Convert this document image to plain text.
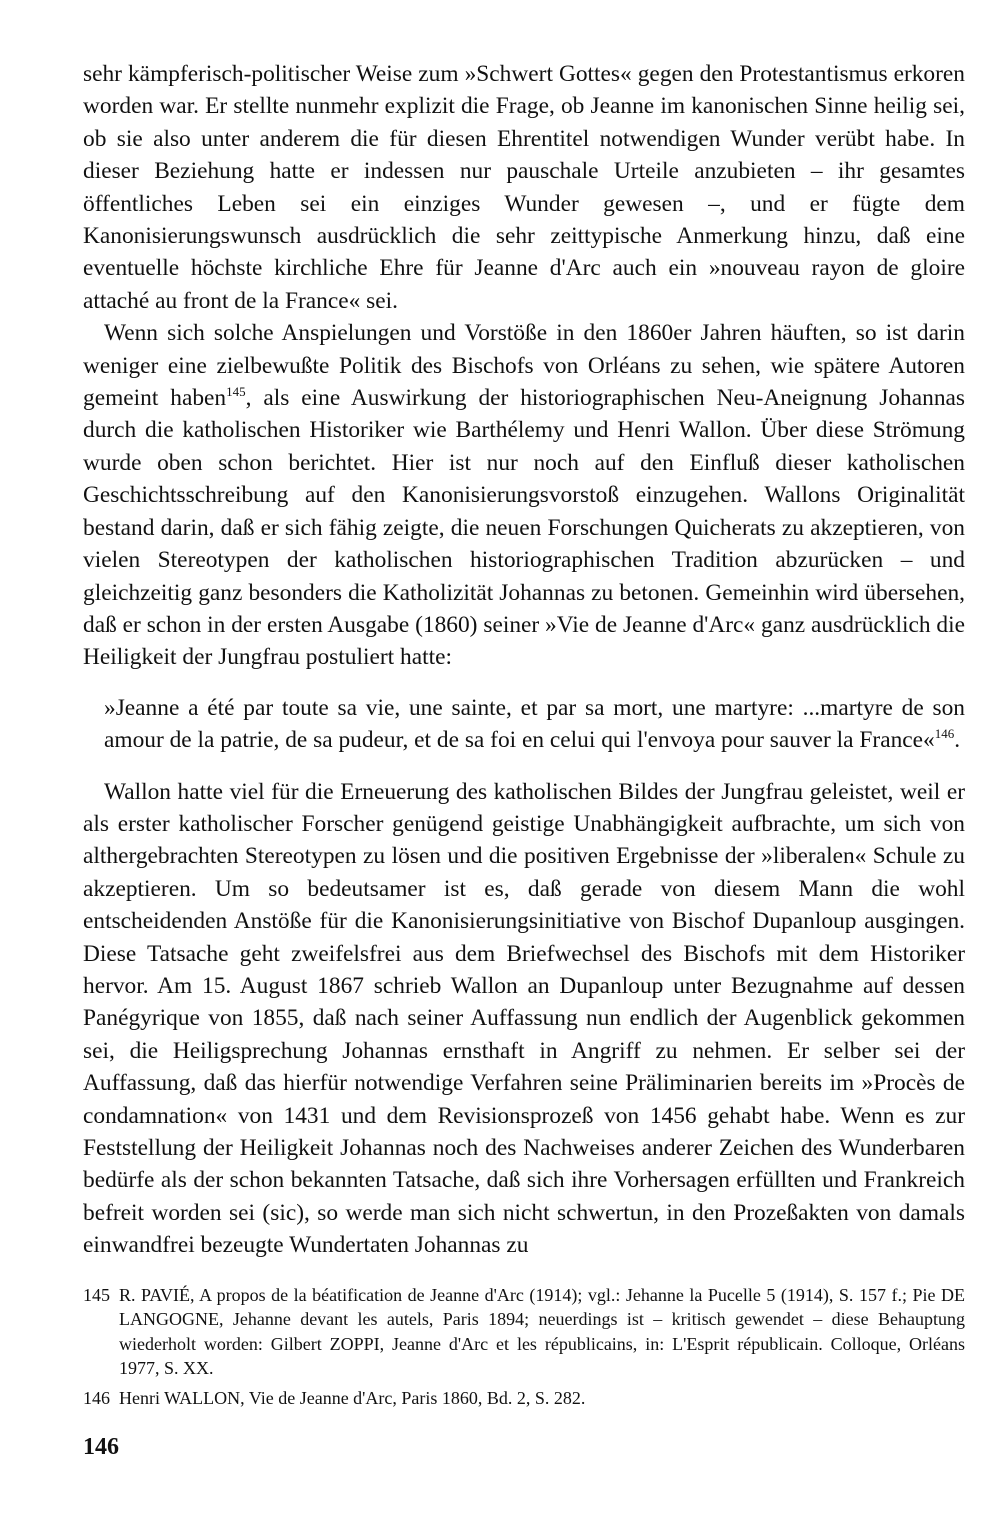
sehr kämpferisch-politischer Weise zum »Schwert Gottes« gegen den Protestantismus erkoren worden war. Er stellte nunmehr explizit die Frage, ob Jeanne im kanonischen Sinne heilig sei, ob sie also unter anderem die für diesen Ehrentitel notwendigen Wunder verübt habe. In dieser Beziehung hatte er indessen nur pauschale Urteile anzubieten – ihr gesamtes öffentliches Leben sei ein einziges Wunder gewesen –, und er fügte dem Kanonisierungswunsch ausdrücklich die sehr zeittypische Anmerkung hinzu, daß eine eventuelle höchste kirchliche Ehre für Jeanne d'Arc auch ein »nouveau rayon de gloire attaché au front de la France« sei.

Wenn sich solche Anspielungen und Vorstöße in den 1860er Jahren häuften, so ist darin weniger eine zielbewußte Politik des Bischofs von Orléans zu sehen, wie spätere Autoren gemeint haben$^{145}$, als eine Auswirkung der historiographischen Neu-Aneignung Johannas durch die katholischen Historiker wie Barthélemy und Henri Wallon. Über diese Strömung wurde oben schon berichtet. Hier ist nur noch auf den Einfluß dieser katholischen Geschichtsschreibung auf den Kanonisierungsvorstoß einzugehen. Wallons Originalität bestand darin, daß er sich fähig zeigte, die neuen Forschungen Quicherats zu akzeptieren, von vielen Stereotypen der katholischen historiographischen Tradition abzurücken – und gleichzeitig ganz besonders die Katholizität Johannas zu betonen. Gemeinhin wird übersehen, daß er schon in der ersten Ausgabe (1860) seiner »Vie de Jeanne d'Arc« ganz ausdrücklich die Heiligkeit der Jungfrau postuliert hatte:

»Jeanne a été par toute sa vie, une sainte, et par sa mort, une martyre: ...martyre de son amour de la patrie, de sa pudeur, et de sa foi en celui qui l'envoya pour sauver la France«$^{146}$.

Wallon hatte viel für die Erneuerung des katholischen Bildes der Jungfrau geleistet, weil er als erster katholischer Forscher genügend geistige Unabhängigkeit aufbrachte, um sich von althergebrachten Stereotypen zu lösen und die positiven Ergebnisse der »liberalen« Schule zu akzeptieren. Um so bedeutsamer ist es, daß gerade von diesem Mann die wohl entscheidenden Anstöße für die Kanonisierungsinitiative von Bischof Dupanloup ausgingen. Diese Tatsache geht zweifelsfrei aus dem Briefwechsel des Bischofs mit dem Historiker hervor. Am 15. August 1867 schrieb Wallon an Dupanloup unter Bezugnahme auf dessen Panégyrique von 1855, daß nach seiner Auffassung nun endlich der Augenblick gekommen sei, die Heiligsprechung Johannas ernsthaft in Angriff zu nehmen. Er selber sei der Auffassung, daß das hierfür notwendige Verfahren seine Präliminarien bereits im »Procès de condamnation« von 1431 und dem Revisionsprozeß von 1456 gehabt habe. Wenn es zur Feststellung der Heiligkeit Johannas noch des Nachweises anderer Zeichen des Wunderbaren bedürfe als der schon bekannten Tatsache, daß sich ihre Vorhersagen erfüllten und Frankreich befreit worden sei (sic), so werde man sich nicht schwertun, in den Prozeßakten von damals einwandfrei bezeugte Wundertaten Johannas zu

145 R. PAVIÉ, A propos de la béatification de Jeanne d'Arc (1914); vgl.: Jehanne la Pucelle 5 (1914), S. 157 f.; Pie DE LANGOGNE, Jehanne devant les autels, Paris 1894; neuerdings ist – kritisch gewendet – diese Behauptung wiederholt worden: Gilbert ZOPPI, Jeanne d'Arc et les républicains, in: L'Esprit républicain. Colloque, Orléans 1977, S. XX.
146 Henri WALLON, Vie de Jeanne d'Arc, Paris 1860, Bd. 2, S. 282.
146
